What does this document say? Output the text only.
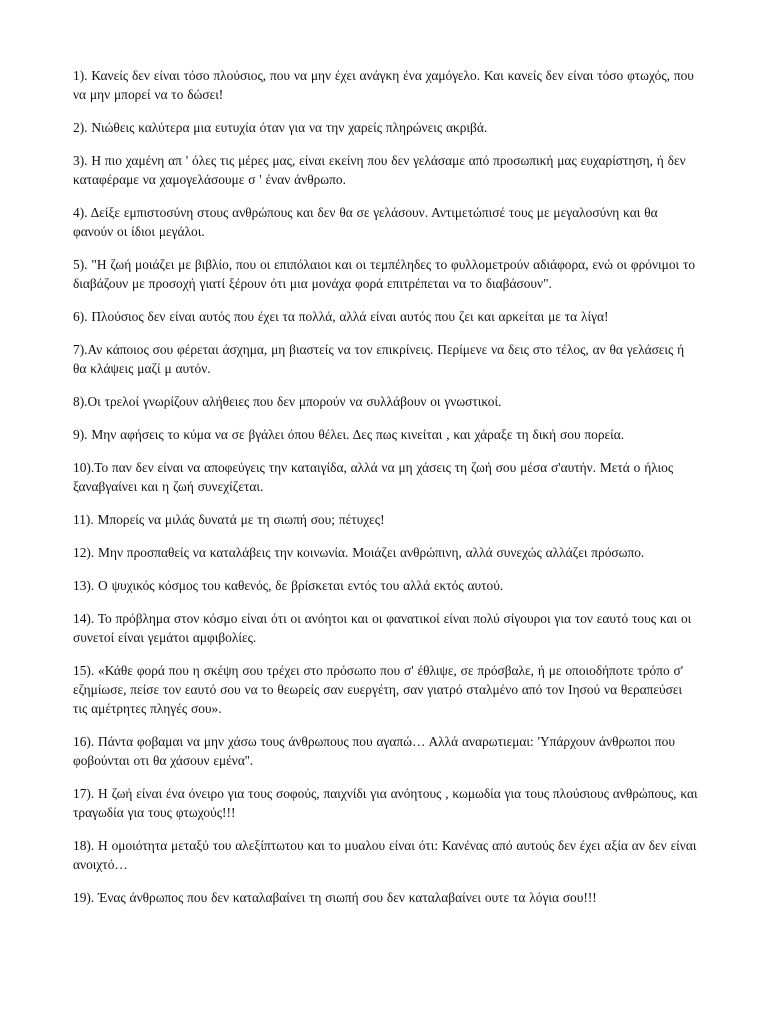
1). Κανείς δεν είναι τόσο πλούσιος, που να μην έχει ανάγκη ένα χαμόγελο. Και κανείς δεν είναι τόσο φτωχός, που να μην μπορεί να το δώσει!

2). Νιώθεις καλύτερα μια ευτυχία όταν για να την χαρείς πληρώνεις ακριβά.

3). Η πιο χαμένη απ ' όλες τις μέρες μας, είναι εκείνη που δεν γελάσαμε από προσωπική μας ευχαρίστηση, ή δεν καταφέραμε να χαμογελάσουμε σ ' έναν άνθρωπο.

4). Δείξε εμπιστοσύνη στους ανθρώπους και δεν θα σε γελάσουν. Αντιμετώπισέ τους με μεγαλοσύνη και θα φανούν οι ίδιοι μεγάλοι.

5). "Η ζωή μοιάζει με βιβλίο, που οι επιπόλαιοι και οι τεμπέληδες το φυλλομετρούν αδιάφορα, ενώ οι φρόνιμοι το διαβάζουν με προσοχή γιατί ξέρουν ότι μια μονάχα φορά επιτρέπεται να το διαβάσουν".

6). Πλούσιος δεν είναι αυτός που έχει τα πολλά, αλλά είναι αυτός που ζει και αρκείται με τα λίγα!

7).Αν κάποιος σου φέρεται άσχημα, μη βιαστείς να τον επικρίνεις. Περίμενε να δεις στο τέλος, αν θα γελάσεις ή θα κλάψεις μαζί μ αυτόν.

8).Οι τρελοί γνωρίζουν αλήθειες που δεν μπορούν να συλλάβουν οι γνωστικοί.

9). Μην αφήσεις το κύμα να σε βγάλει όπου θέλει. Δες πως κινείται , και χάραξε τη δική σου πορεία.

10).Το παν δεν είναι να αποφεύγεις την καταιγίδα, αλλά να μη χάσεις τη ζωή σου μέσα σ'αυτήν. Μετά ο ήλιος ξαναβγαίνει και η ζωή συνεχίζεται.

11). Μπορείς να μιλάς δυνατά με τη σιωπή σου; πέτυχες!

12). Μην προσπαθείς να καταλάβεις την κοινωνία. Μοιάζει ανθρώπινη, αλλά συνεχώς αλλάζει πρόσωπο.

13). Ο ψυχικός κόσμος του καθενός, δε βρίσκεται εντός του αλλά εκτός αυτού.

14). Το πρόβλημα στον κόσμο είναι ότι οι ανόητοι και οι φανατικοί είναι πολύ σίγουροι για τον εαυτό τους και οι συνετοί είναι γεμάτοι αμφιβολίες.

15). «Κάθε φορά που η σκέψη σου τρέχει στο πρόσωπο που σ' έθλιψε, σε πρόσβαλε, ή με οποιοδήποτε τρόπο σ' εζημίωσε, πείσε τον εαυτό σου να το θεωρείς σαν ευεργέτη, σαν γιατρό σταλμένο από τον Ιησού να θεραπεύσει τις αμέτρητες πληγές σου».

16). Πάντα φοβαμαι να μην χάσω τους άνθρωπους που αγαπώ… Αλλά αναρωτιεμαι: 'Υπάρχουν άνθρωποι που φοβούνται οτι θα χάσουν εμένα''.

17). Η ζωή είναι ένα όνειρο για τους σοφούς, παιχνίδι για ανόητους , κωμωδία για τους πλούσιους ανθρώπους, και τραγωδία για τους φτωχούς!!!

18). Η ομοιότητα μεταξύ του αλεξίπτωτου και το μυαλου είναι ότι: Κανένας από αυτούς δεν έχει αξία αν δεν είναι ανοιχτό…

19). Ένας άνθρωπος που δεν καταλαβαίνει τη σιωπή σου δεν καταλαβαίνει ουτε τα λόγια σου!!!
